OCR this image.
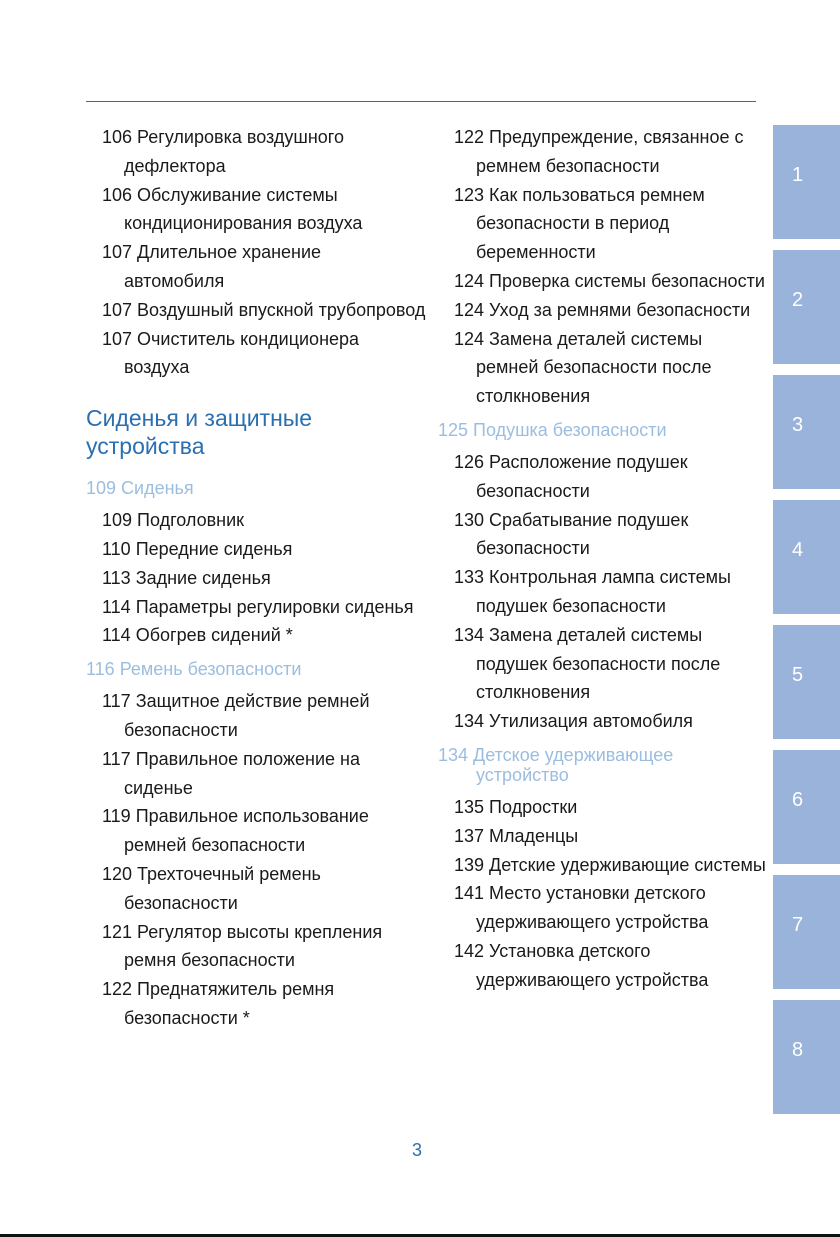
106 Регулировка воздушного дефлектора
106 Обслуживание системы кондиционирования воздуха
107 Длительное хранение автомобиля
107 Воздушный впускной трубопровод
107 Очиститель кондиционера воздуха
Сиденья и защитные устройства
109 Сиденья
109 Подголовник
110 Передние сиденья
113 Задние сиденья
114 Параметры регулировки сиденья
114 Обогрев сидений *
116 Ремень безопасности
117 Защитное действие ремней безопасности
117 Правильное положение на сиденье
119 Правильное использование ремней безопасности
120 Трехточечный ремень безопасности
121 Регулятор высоты крепления ремня безопасности
122 Преднатяжитель ремня безопасности *
122 Предупреждение, связанное с ремнем безопасности
123 Как пользоваться ремнем безопасности в период беременности
124 Проверка системы безопасности
124 Уход за ремнями безопасности
124 Замена деталей системы ремней безопасности после столкновения
125 Подушка безопасности
126 Расположение подушек безопасности
130 Срабатывание подушек безопасности
133 Контрольная лампа системы подушек безопасности
134 Замена деталей системы подушек безопасности после столкновения
134 Утилизация автомобиля
134 Детское удерживающее устройство
135 Подростки
137 Младенцы
139 Детские удерживающие системы
141 Место установки детского удерживающего устройства
142 Установка детского удерживающего устройства
1
2
3
4
5
6
7
8
3
